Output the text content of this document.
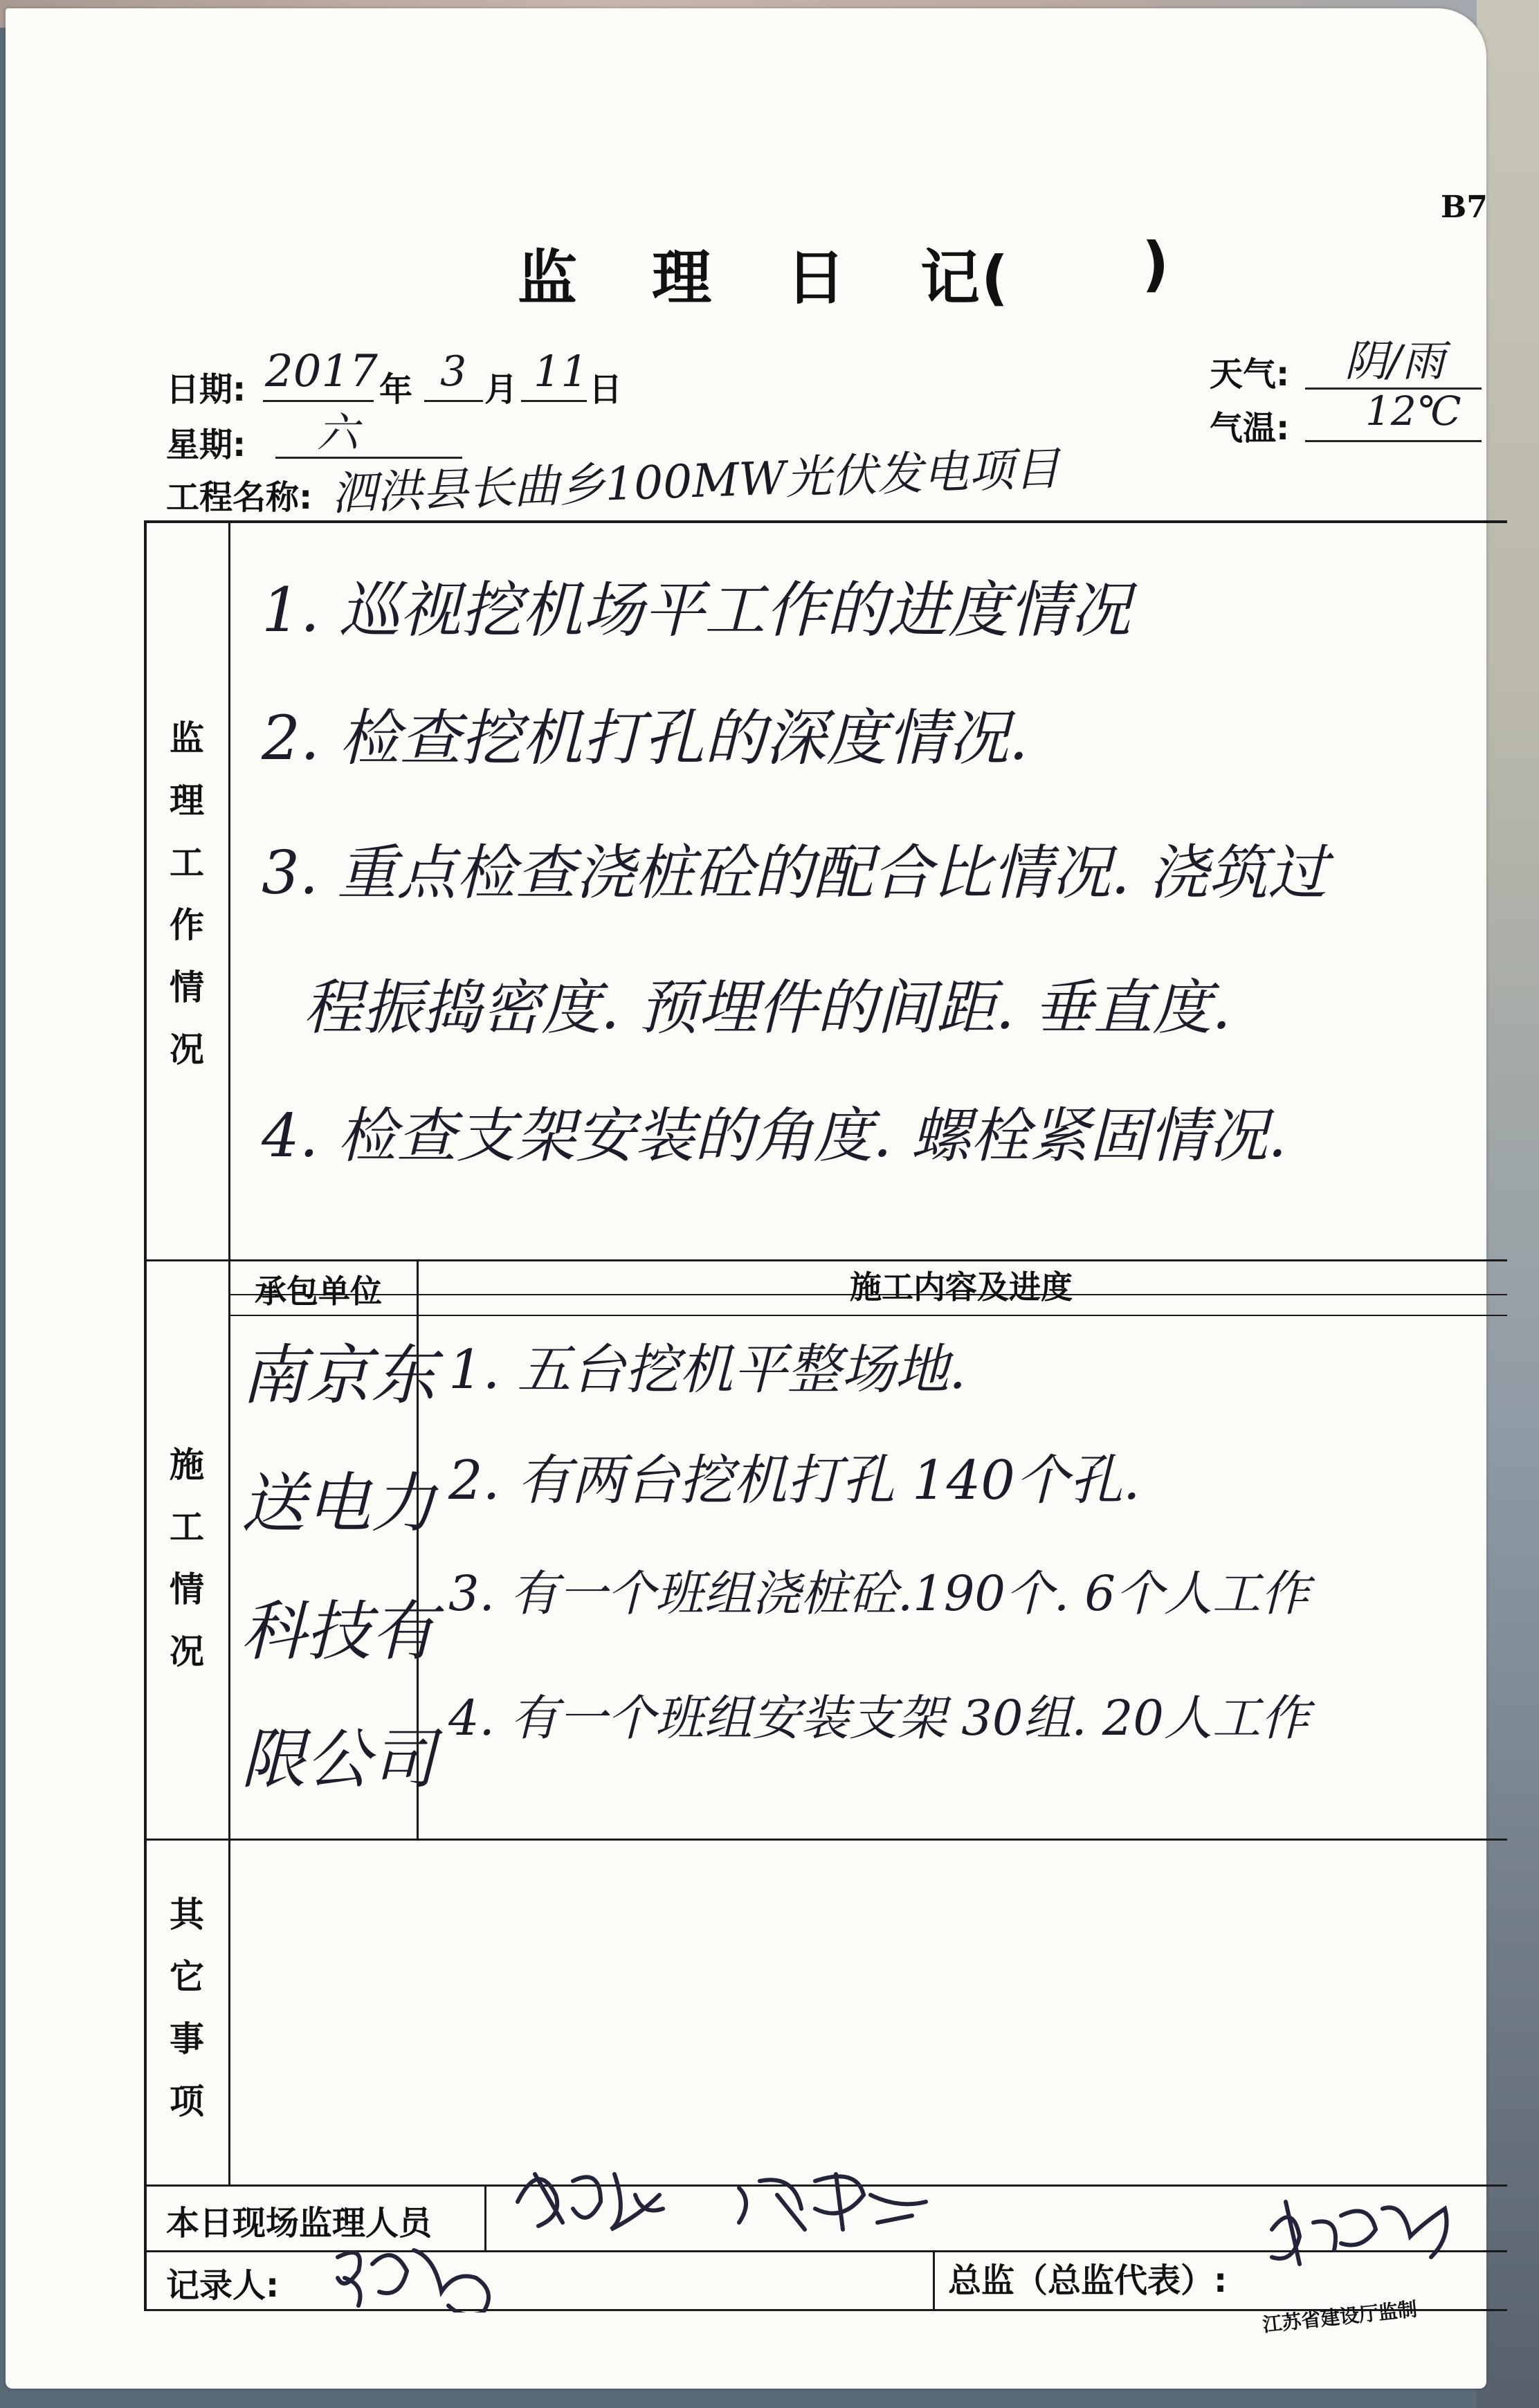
B7
监 理 日 记( )
日期: 2017 年 3 月 11 日
星期: 六
工程名称: 泗洪县长曲乡100MW光伏发电项目
天气: 阴/雨
气温: 12℃
监
理
工
作
情
况
1. 巡视挖机场平工作的进度情况
2. 检查挖机打孔的深度情况.
3. 重点检查浇桩砼的配合比情况. 浇筑过
程振捣密度. 预埋件的间距. 垂直度.
4. 检查支架安装的角度. 螺栓紧固情况.
施
工
情
况
承包单位	施工内容及进度
南京东
送电力
科技有
限公司
1. 五台挖机平整场地.
2. 有两台挖机打孔 140个孔.
3. 有一个班组浇桩砼.190个. 6个人工作
4. 有一个班组安装支架 30组. 20人工作
其
它
事
项
本日现场监理人员
记录人:	总监（总监代表）:
江苏省建设厅监制
